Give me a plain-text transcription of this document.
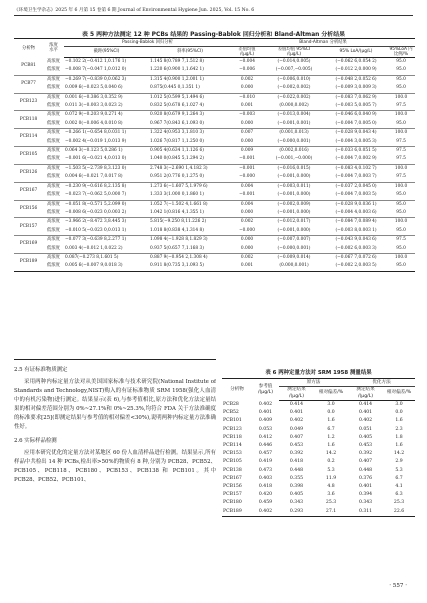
《环境卫生学杂志》2025 年 6 月第 15 卷第 6 期 Journal of Environmental Hygiene Jun. 2025, Vol. 15 No. 6
表 5 两种方法测定 12 种 PCBs 结果的 Passing-Bablok 回归分析和 Bland-Altman 分析结果
分析物	浓度
水平	Passing-Bablok 回归分析		Bland-Altman 分析结果			
		截距(95%CI)	斜率(95%CI)	差值均值
/(μg/L)	差值均值 95%CI
/(μg/L)	95% LoA/(μg/L)	95%LoA 内
比例/%
PCB81	高浓度	−0.102 2(−0.412 1,0.176 1)	1.145 8(0.789 7,1.512 8)	−0.004	(−0.014,0.005)	(−0.062 6,0.054 2)	95.0
	低浓度	−0.008 7(−0.047 1,0.012 0)	1.220 6(0.900 1,1.642 1)	−0.006	(−0.007,−0.005)	(−0.012 2,0.000 9)	95.0
PCB77	高浓度	−0.269 7(−0.839 0,0.062 3)	1.315 4(0.900 1,2.001 1)	0.002	(−0.006,0.010)	(−0.048 2,0.052 6)	95.0
	低浓度	0.009 6(−0.023 5,0.040 6)	0.875(0.445 0,1.351 1)	0.000	(−0.002,0.002)	(−0.009 3,0.009 3)	95.0
PCB123	高浓度	0.001 6(−0.386 3,0.352 9)	1.012 5(0.599 5,1.494 6)	−0.010	(−0.022,0.002)	(−0.083 7,0.062 9)	100.0
	低浓度	0.011 3(−0.003 3,0.023 2)	0.832 5(0.678 6,1.027 4)	0.001	(0.000,0.002)	(−0.003 5,0.005 7)	97.5
PCB118	高浓度	0.072 9(−0.203 9,0.271 4)	0.920 8(0.679 9,1.264 3)	−0.003	(−0.013,0.004)	(−0.046 6,0.040 9)	100.0
	低浓度	0.002 0(−0.006 4,0.010 8)	0.967 7(0.843 6,1.093 0)	0.000	(−0.001,0.001)	(−0.004 7,0.005 0)	95.0
PCB114	高浓度	−0.266 1(−0.654 8,0.031 1)	1.322 4(0.953 3,1.810 3)	0.007	(0.001,0.013)	(−0.028 9,0.043 4)	100.0
	低浓度	−0.002 4(−0.019 1,0.013 9)	1.026 7(0.817 1,1.250 0)	0.000	(−0.000,0.001)	(−0.004 3,0.005 3)	97.5
PCB105	高浓度	0.064 3(−0.123 5,0.286 1)	0.905 4(0.634 1,1.126 6)	0.009	(0.002,0.016)	(−0.033 6,0.051 5)	97.5
	低浓度	−0.001 6(−0.021 4,0.013 0)	1.040 0(0.845 5,1.294 2)	−0.001	(−0.001,−0.000)	(−0.004 7,0.002 9)	97.5
PCB126	高浓度	−1.503 5(−2.739 8,3.123 0)	2.748 3(−2.690 1,4.182 3)	−0.001	(−0.016,0.015)	(−0.083 4,0.102 7)	100.0
	低浓度	0.004 6(−0.021 7,0.017 8)	0.951 2(0.776 0,1.275 0)	−0.000	(−0.001,0.000)	(−0.004 7,0.003 7)	97.5
PCB167	高浓度	−0.230 9(−0.616 8,2.135 8)	1.273 6(−1.607 5,1.979 6)	0.004	(−0.003,0.011)	(−0.037 2,0.045 0)	100.0
	低浓度	−0.023 7(−0.062 5,0.000 7)	1.333 3(1.000 0,1.860 1)	−0.001	(−0.001,0.000)	(−0.004 7,0.003 5)	95.0
PCB156	高浓度	−0.051 8(−0.571 5,2.099 0)	1.052 7(−1.502 4,1.661 8)	0.004	(−0.002,0.009)	(−0.028 9,0.036 1)	95.0
	低浓度	−0.008 6(−0.023 0,0.003 2)	1.042 1(0.816 4,1.355 1)	0.000	(−0.001,0.000)	(−0.004 4,0.003 6)	95.0
PCB157	高浓度	−3.966 2(−8.472 3,8.445 3)	5.815(−9.250 8,11.226 2)	0.002	(−0.012,0.017)	(−0.084 7,0.089 4)	100.0
	低浓度	−0.010 5(−0.023 0,0.013 1)	1.018 8(0.838 4,1.314 8)	−0.000	(−0.001,0.000)	(−0.003 8,0.003 1)	95.0
PCB169	高浓度	−0.077 3(−0.639 8,2.277 1)	1.098 4(−1.928 8,1.829 3)	0.000	(−0.007,0.007)	(−0.043 9,0.043 6)	97.5
	低浓度	0.003 4(−0.012 1,0.022 2)	0.937 5(0.657 7,1.168 3)	0.000	(−0.000,0.001)	(−0.002 6,0.003 3)	95.0
PCB189	高浓度	0.087(−0.273 8,1.601 5)	0.887 9(−0.954 2,1.308 4)	0.002	(−0.009,0.014)	(−0.067 7,0.072 6)	100.0
	低浓度	0.005 6(−0.007 9,0.018 3)	0.911 8(0.735 3,1.093 5)	0.001	(0.000,0.001)	(−0.002 2,0.003 5)	95.0
2.5 有证标准物质测定
采用两种内标定量方法对从美国国家标准与技术研究院(National Institute of Standards and Technology,NIST)购入的有证标准物质 SRM 1958(强化人血清中的有机污染物)进行测定。结果显示(表 6),与参考值相比,原方法和优化方法定量结果的相对偏差范围分别为 0%~27.1%和 0%~25.3%,均符合 FDA 关于方法准确度的标准要求[25](即测定结果与参考值的相对偏差<30%),说明两种内标定量方法准确性好。
2.6 实际样品检测
应用本研究优化的定量方法对某地区 60 份人血清样品进行检测。结果显示,所有样品中共检出 14 种 PCBs,检出率>50%的物质有 8 种,分别为 PCB28、PCB52、PCB105、PCB118、PCB180、PCB153、PCB138 和 PCB101。其中 PCB28、PCB52、PCB101、
表 6 两种定量方法对 SRM 1958 测量结果
分析物	参考值 /(μg/L)	原方法		优化方法	
		测定结果 /(μg/L)	相对偏差/%	测定结果 /(μg/L)	相对偏差/%
PCB28	0.402	0.414	3.0	0.414	3.0
PCB52	0.401	0.401	0.0	0.401	0.0
PCB101	0.409	0.402	1.6	0.402	1.6
PCB123	0.053	0.049	6.7	0.051	2.3
PCB118	0.412	0.407	1.2	0.405	1.8
PCB114	0.446	0.453	1.6	0.453	1.6
PCB153	0.457	0.392	14.2	0.392	14.2
PCB105	0.419	0.418	0.2	0.407	2.9
PCB138	0.473	0.448	5.3	0.448	5.3
PCB167	0.403	0.355	11.9	0.376	6.7
PCB156	0.418	0.398	4.8	0.401	4.1
PCB157	0.420	0.405	3.6	0.394	6.3
PCB180	0.459	0.343	25.3	0.343	25.3
PCB189	0.402	0.293	27.1	0.311	22.6
· 557 ·
